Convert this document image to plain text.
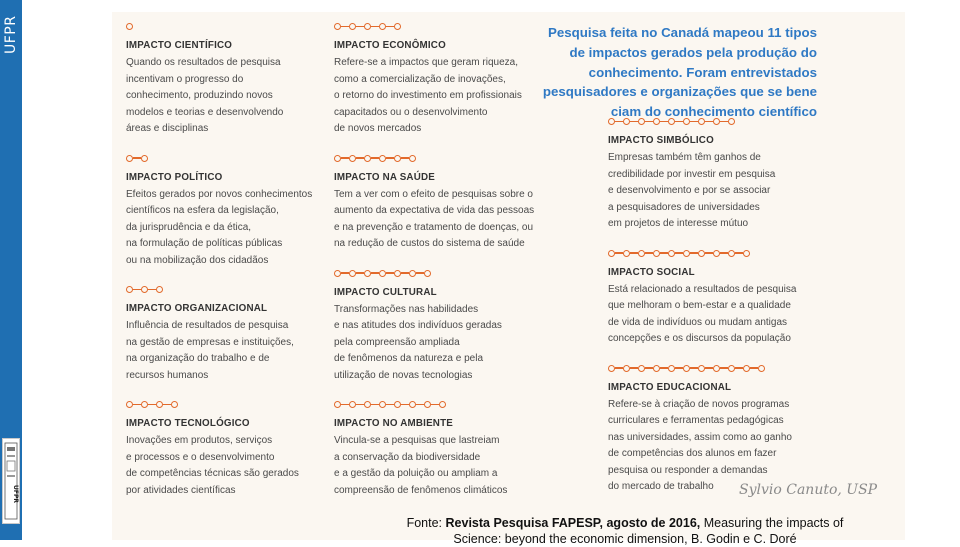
UFPR
UFPR
Pesquisa feita no Canadá mapeou 11 tipos
de impactos gerados pela produção do
conhecimento. Foram entrevistados
pesquisadores e organizações que se bene
ciam do conhecimento científico
IMPACTO CIENTÍFICO
Quando os resultados de pesquisa
incentivam o progresso do
conhecimento, produzindo novos
modelos e teorias e desenvolvendo
áreas e disciplinas
IMPACTO POLÍTICO
Efeitos gerados por novos conhecimentos
científicos na esfera da legislação,
da jurisprudência e da ética,
na formulação de políticas públicas
ou na mobilização dos cidadãos
IMPACTO ORGANIZACIONAL
Influência de resultados de pesquisa
na gestão de empresas e instituições,
na organização do trabalho e de
recursos humanos
IMPACTO TECNOLÓGICO
Inovações em produtos, serviços
e processos e o desenvolvimento
de competências técnicas são gerados
por atividades científicas
IMPACTO ECONÔMICO
Refere-se a impactos que geram riqueza,
como a comercialização de inovações,
o retorno do investimento em profissionais
capacitados ou o desenvolvimento
de novos mercados
IMPACTO NA SAÚDE
Tem a ver com o efeito de pesquisas sobre o
aumento da expectativa de vida das pessoas
e na prevenção e tratamento de doenças, ou
na redução de custos do sistema de saúde
IMPACTO CULTURAL
Transformações nas habilidades
e nas atitudes dos indivíduos geradas
pela compreensão ampliada
de fenômenos da natureza e pela
utilização de novas tecnologias
IMPACTO NO AMBIENTE
Vincula-se a pesquisas que lastreiam
a conservação da biodiversidade
e a gestão da poluição ou ampliam a
compreensão de fenômenos climáticos
IMPACTO SIMBÓLICO
Empresas também têm ganhos de
credibilidade por investir em pesquisa
e desenvolvimento e por se associar
a pesquisadores de universidades
em projetos de interesse mútuo
IMPACTO SOCIAL
Está relacionado a resultados de pesquisa
que melhoram o bem-estar e a qualidade
de vida de indivíduos ou mudam antigas
concepções e os discursos da população
IMPACTO EDUCACIONAL
Refere-se à criação de novos programas
curriculares e ferramentas pedagógicas
nas universidades, assim como ao ganho
de competências dos alunos em fazer
pesquisa ou responder a demandas
do mercado de trabalho	Sylvio Canuto, USP
Fonte: Revista Pesquisa FAPESP, agosto de 2016, Measuring the impacts of
Science: beyond the economic dimension, B. Godin e C. Doré
